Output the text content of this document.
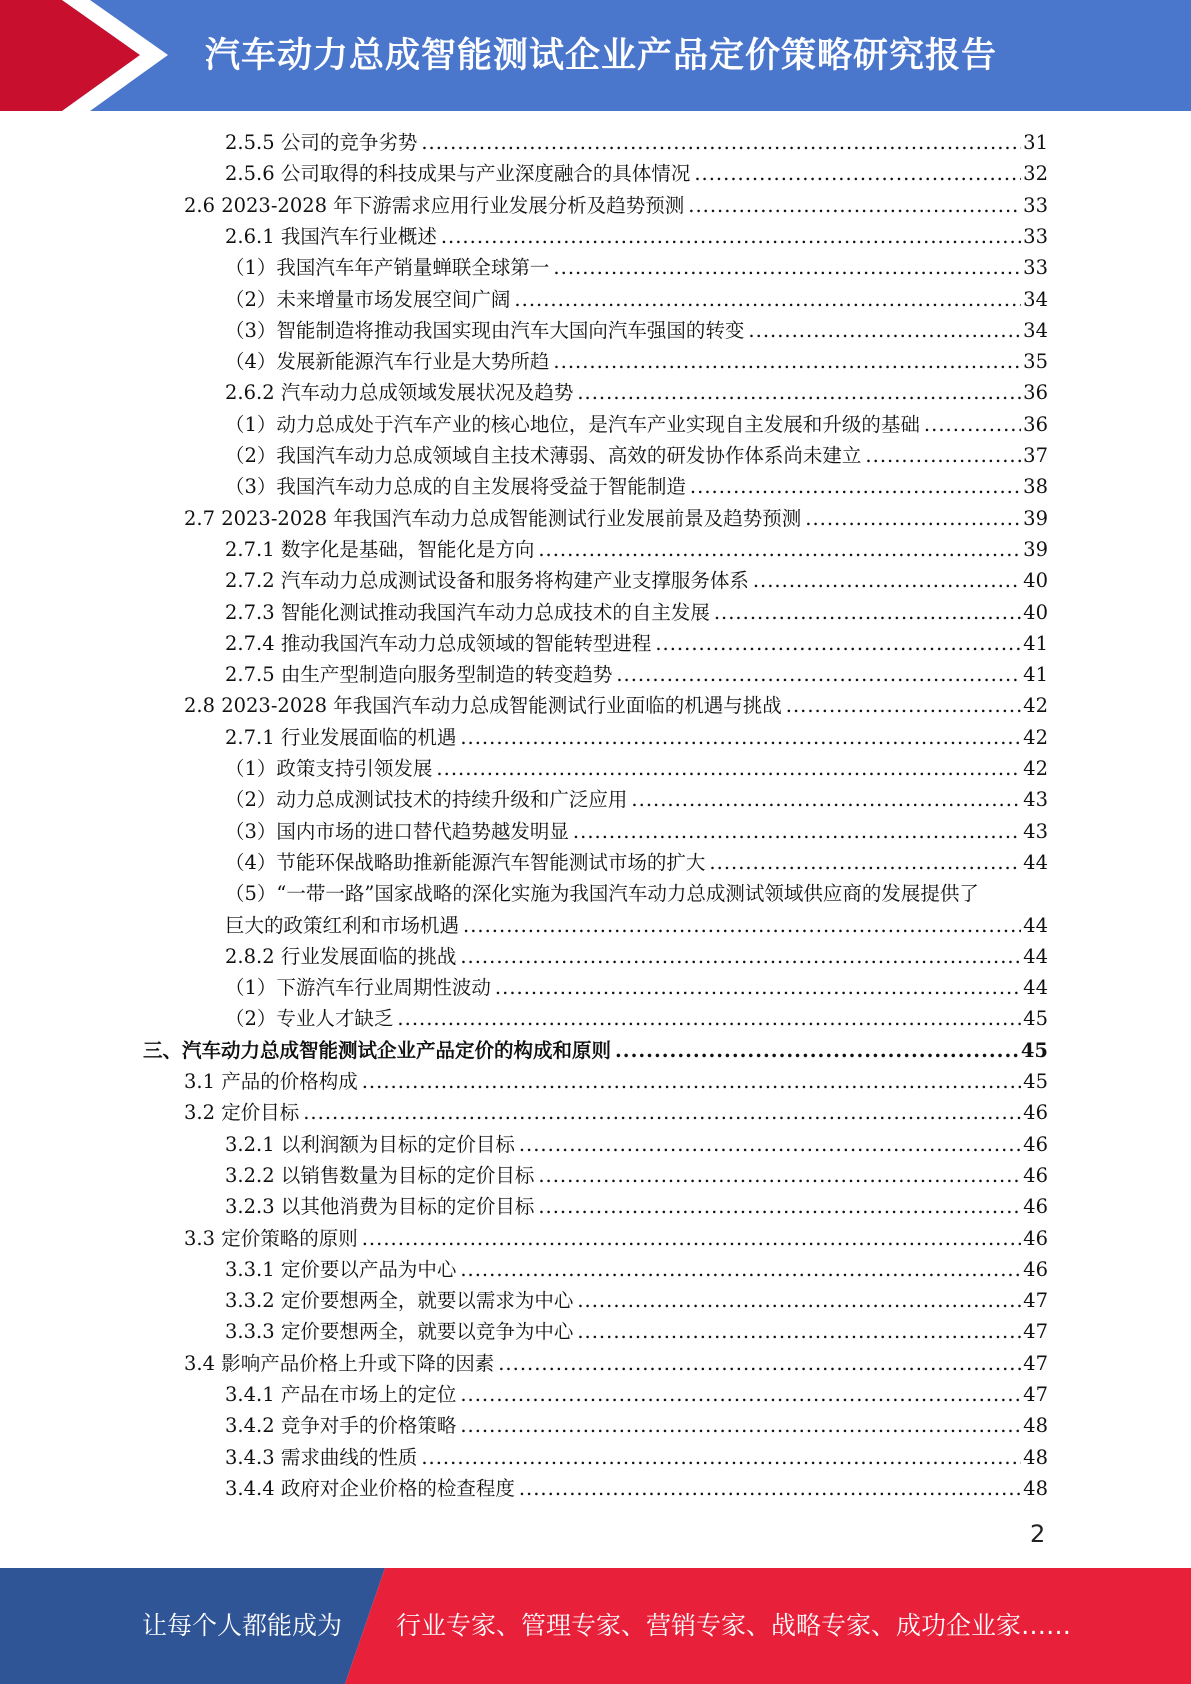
汽车动力总成智能测试企业产品定价策略研究报告
2.5.5 公司的竞争劣势 .....	31
2.5.6 公司取得的科技成果与产业深度融合的具体情况 .....	32
2.6 2023-2028 年下游需求应用行业发展分析及趋势预测 .....	33
2.6.1 我国汽车行业概述 .....	33
（1）我国汽车年产销量蝉联全球第一 .....	33
（2）未来增量市场发展空间广阔 .....	34
（3）智能制造将推动我国实现由汽车大国向汽车强国的转变 .....	34
（4）发展新能源汽车行业是大势所趋 .....	35
2.6.2 汽车动力总成领域发展状况及趋势 .....	36
（1）动力总成处于汽车产业的核心地位，是汽车产业实现自主发展和升级的基础 .....	36
（2）我国汽车动力总成领域自主技术薄弱、高效的研发协作体系尚未建立 .....	37
（3）我国汽车动力总成的自主发展将受益于智能制造 .....	38
2.7 2023-2028 年我国汽车动力总成智能测试行业发展前景及趋势预测 .....	39
2.7.1 数字化是基础，智能化是方向 .....	39
2.7.2 汽车动力总成测试设备和服务将构建产业支撑服务体系 .....	40
2.7.3 智能化测试推动我国汽车动力总成技术的自主发展 .....	40
2.7.4 推动我国汽车动力总成领域的智能转型进程 .....	41
2.7.5 由生产型制造向服务型制造的转变趋势 .....	41
2.8 2023-2028 年我国汽车动力总成智能测试行业面临的机遇与挑战 .....	42
2.7.1 行业发展面临的机遇 .....	42
（1）政策支持引领发展 .....	42
（2）动力总成测试技术的持续升级和广泛应用 .....	43
（3）国内市场的进口替代趋势越发明显 .....	43
（4）节能环保战略助推新能源汽车智能测试市场的扩大 .....	44
（5）“一带一路”国家战略的深化实施为我国汽车动力总成测试领域供应商的发展提供了
巨大的政策红利和市场机遇 .....	44
2.8.2 行业发展面临的挑战 .....	44
（1）下游汽车行业周期性波动 .....	44
（2）专业人才缺乏 .....	45
三、汽车动力总成智能测试企业产品定价的构成和原则 .....	45
3.1 产品的价格构成 .....	45
3.2 定价目标 .....	46
3.2.1 以利润额为目标的定价目标 .....	46
3.2.2 以销售数量为目标的定价目标 .....	46
3.2.3 以其他消费为目标的定价目标 .....	46
3.3 定价策略的原则 .....	46
3.3.1 定价要以产品为中心 .....	46
3.3.2 定价要想两全，就要以需求为中心 .....	47
3.3.3 定价要想两全，就要以竞争为中心 .....	47
3.4 影响产品价格上升或下降的因素 .....	47
3.4.1 产品在市场上的定位 .....	47
3.4.2 竞争对手的价格策略 .....	48
3.4.3 需求曲线的性质 .....	48
3.4.4 政府对企业价格的检查程度 .....	48
2
让每个人都能成为 行业专家、管理专家、营销专家、战略专家、成功企业家……
